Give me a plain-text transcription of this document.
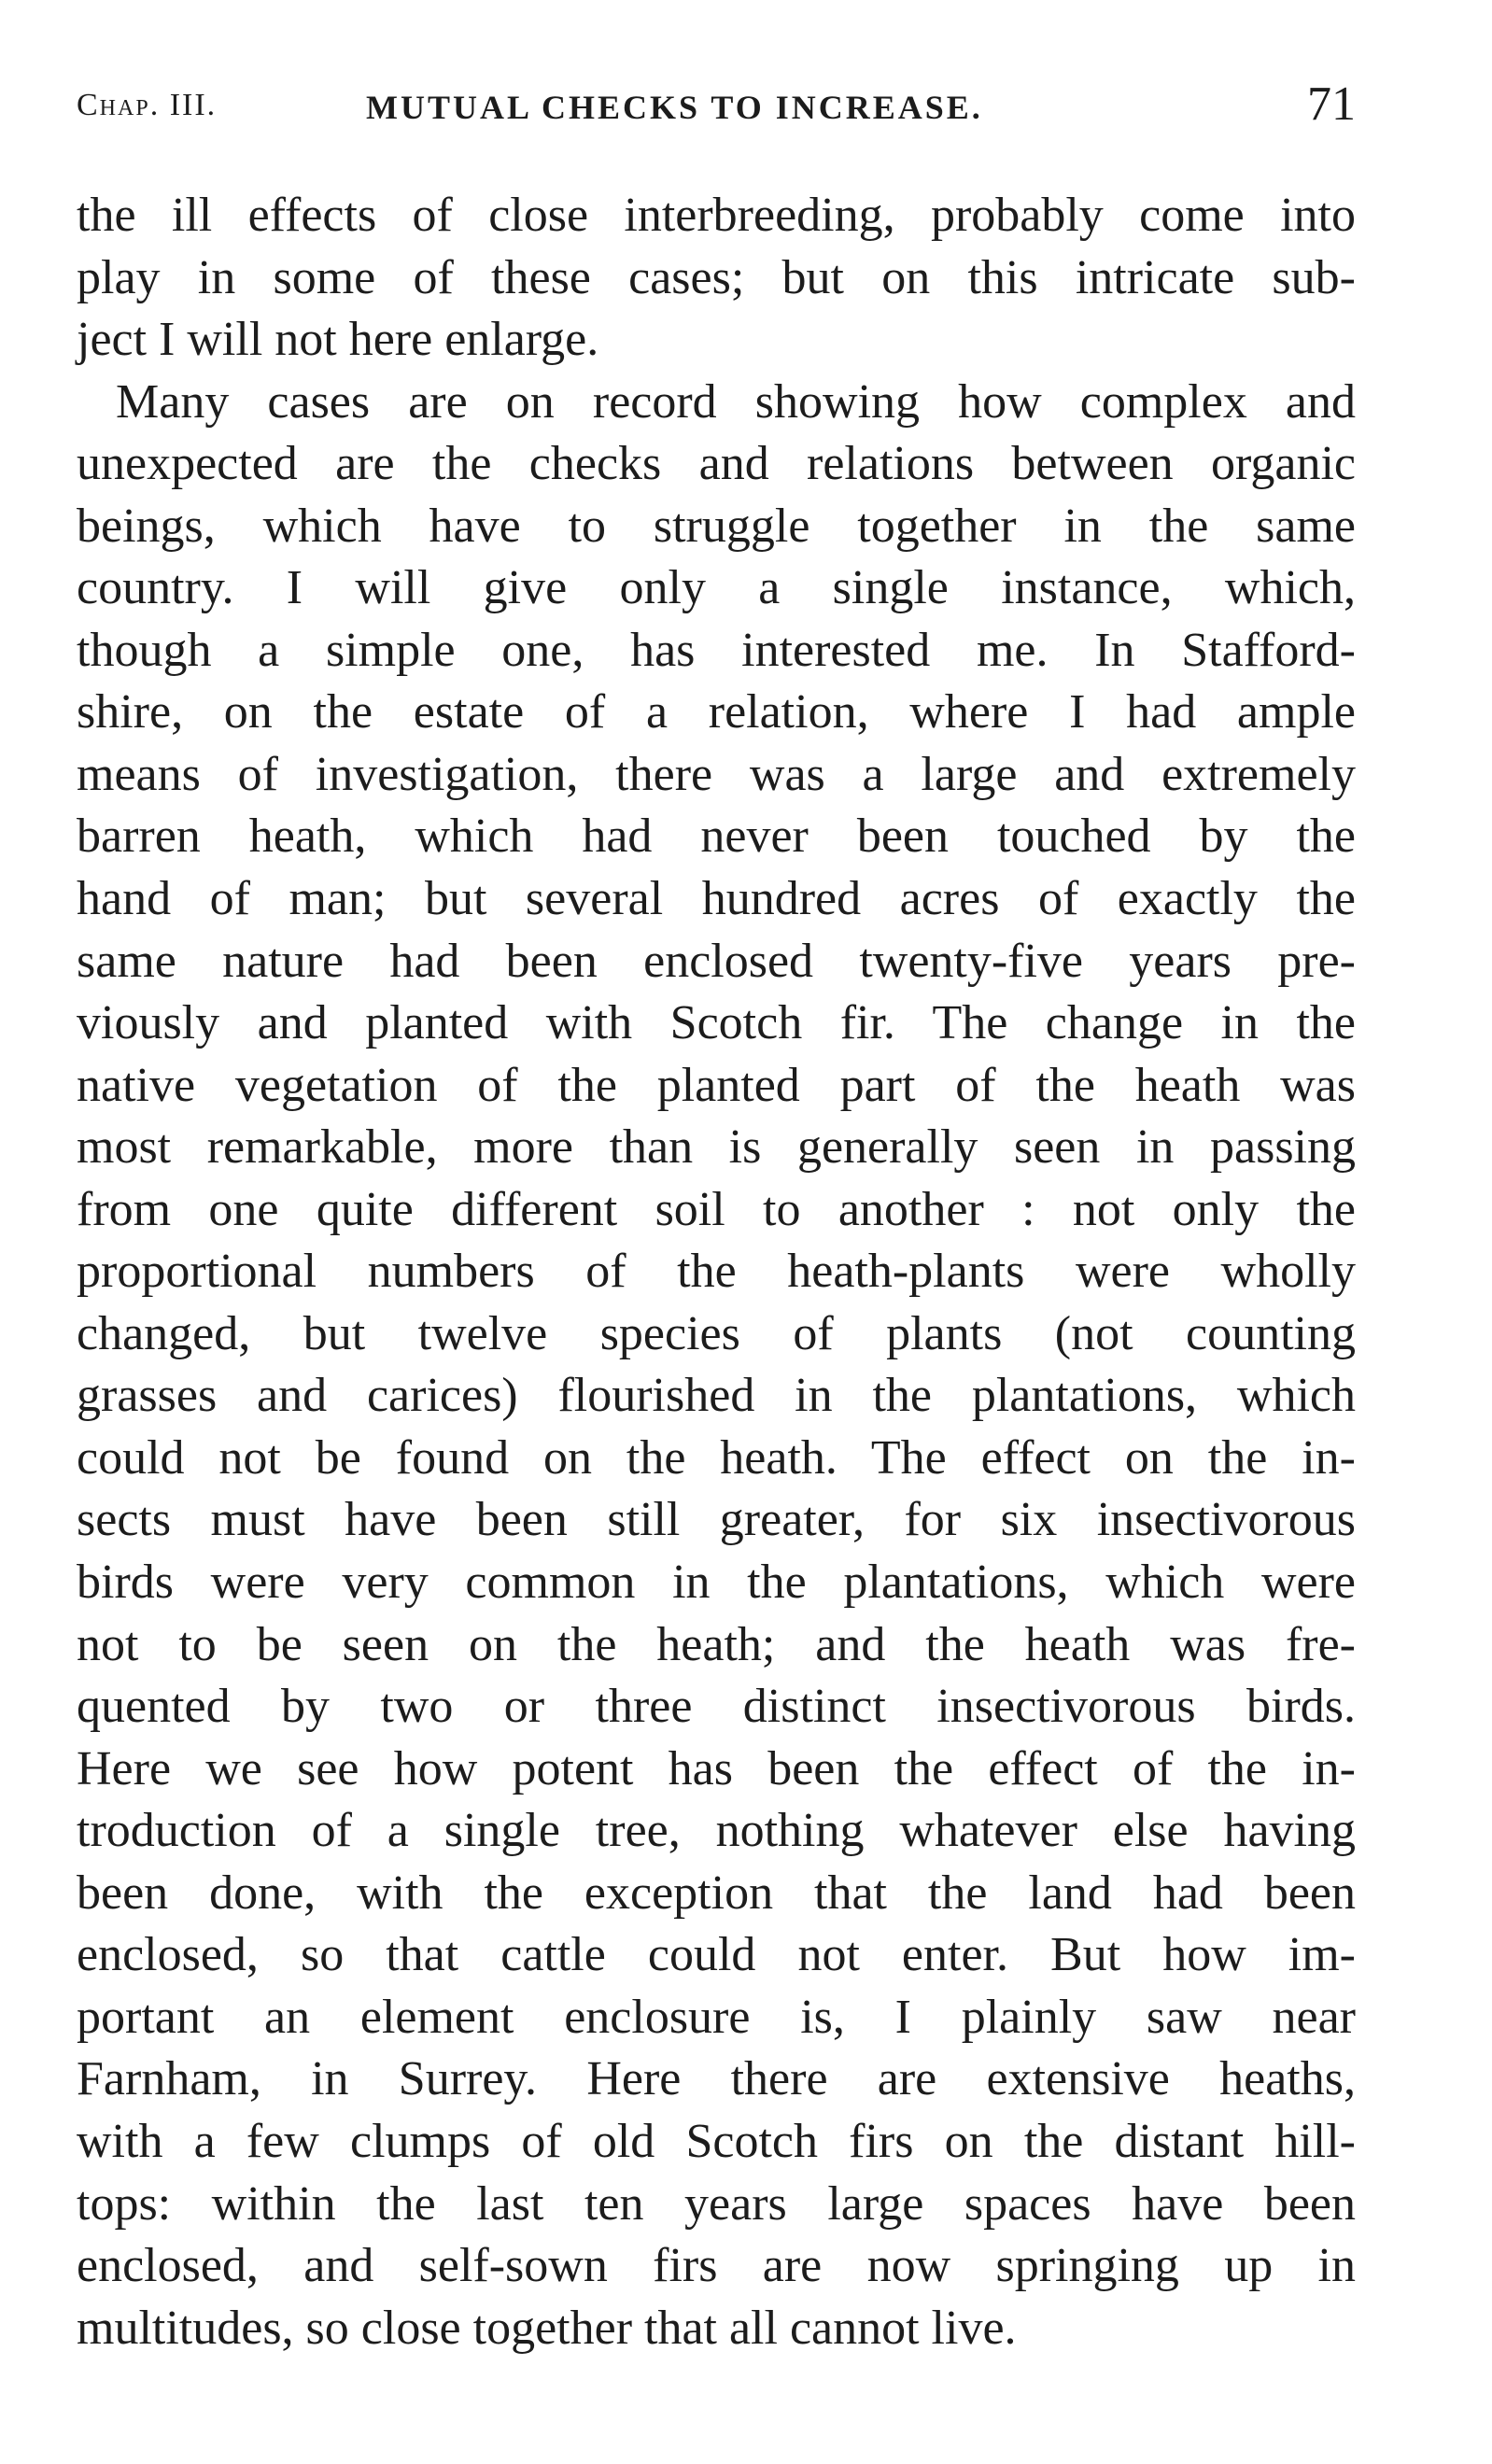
Chap. III.	MUTUAL CHECKS TO INCREASE.	71
the ill effects of close interbreeding, probably come into
play in some of these cases; but on this intricate sub-
ject I will not here enlarge.
Many cases are on record showing how complex and
unexpected are the checks and relations between organic
beings, which have to struggle together in the same
country. I will give only a single instance, which,
though a simple one, has interested me. In Stafford-
shire, on the estate of a relation, where I had ample
means of investigation, there was a large and extremely
barren heath, which had never been touched by the
hand of man; but several hundred acres of exactly the
same nature had been enclosed twenty-five years pre-
viously and planted with Scotch fir. The change in the
native vegetation of the planted part of the heath was
most remarkable, more than is generally seen in passing
from one quite different soil to another : not only the
proportional numbers of the heath-plants were wholly
changed, but twelve species of plants (not counting
grasses and carices) flourished in the plantations, which
could not be found on the heath. The effect on the in-
sects must have been still greater, for six insectivorous
birds were very common in the plantations, which were
not to be seen on the heath; and the heath was fre-
quented by two or three distinct insectivorous birds.
Here we see how potent has been the effect of the in-
troduction of a single tree, nothing whatever else having
been done, with the exception that the land had been
enclosed, so that cattle could not enter. But how im-
portant an element enclosure is, I plainly saw near
Farnham, in Surrey. Here there are extensive heaths,
with a few clumps of old Scotch firs on the distant hill-
tops: within the last ten years large spaces have been
enclosed, and self-sown firs are now springing up in
multitudes, so close together that all cannot live.
